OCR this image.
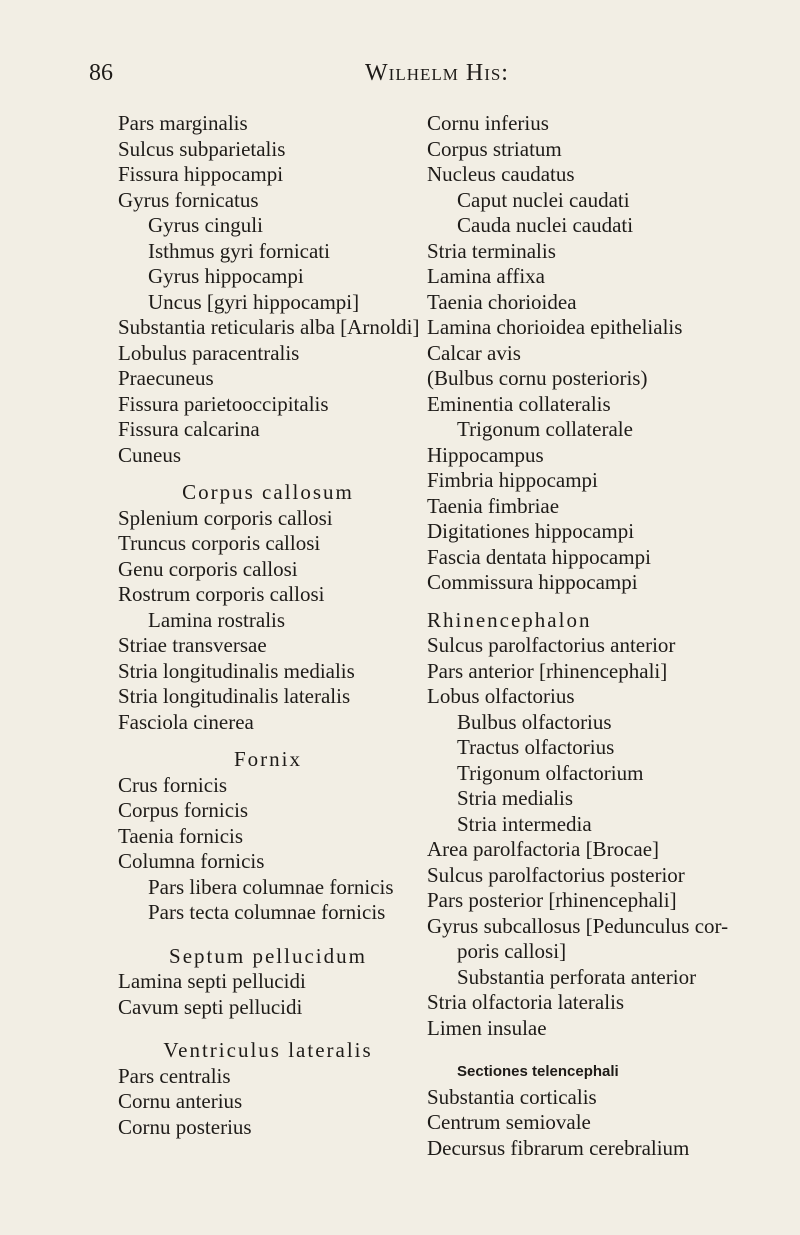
86	Wilhelm His:
Pars marginalis
Sulcus subparietalis
Fissura hippocampi
Gyrus fornicatus
Gyrus cinguli
Isthmus gyri fornicati
Gyrus hippocampi
Uncus [gyri hippocampi]
Substantia reticularis alba [Arnoldi]
Lobulus paracentralis
Praecuneus
Fissura parietooccipitalis
Fissura calcarina
Cuneus
Corpus callosum
Splenium corporis callosi
Truncus corporis callosi
Genu corporis callosi
Rostrum corporis callosi
Lamina rostralis
Striae transversae
Stria longitudinalis medialis
Stria longitudinalis lateralis
Fasciola cinerea
Fornix
Crus fornicis
Corpus fornicis
Taenia fornicis
Columna fornicis
Pars libera columnae fornicis
Pars tecta columnae fornicis
Septum pellucidum
Lamina septi pellucidi
Cavum septi pellucidi
Ventriculus lateralis
Pars centralis
Cornu anterius
Cornu posterius
Cornu inferius
Corpus striatum
Nucleus caudatus
Caput nuclei caudati
Cauda nuclei caudati
Stria terminalis
Lamina affixa
Taenia chorioidea
Lamina chorioidea epithelialis
Calcar avis
(Bulbus cornu posterioris)
Eminentia collateralis
Trigonum collaterale
Hippocampus
Fimbria hippocampi
Taenia fimbriae
Digitationes hippocampi
Fascia dentata hippocampi
Commissura hippocampi
Rhinencephalon
Sulcus parolfactorius anterior
Pars anterior [rhinencephali]
Lobus olfactorius
Bulbus olfactorius
Tractus olfactorius
Trigonum olfactorium
Stria medialis
Stria intermedia
Area parolfactoria [Brocae]
Sulcus parolfactorius posterior
Pars posterior [rhinencephali]
Gyrus subcallosus [Pedunculus cor-
poris callosi]
Substantia perforata anterior
Stria olfactoria lateralis
Limen insulae
Sectiones telencephali
Substantia corticalis
Centrum semiovale
Decursus fibrarum cerebralium
